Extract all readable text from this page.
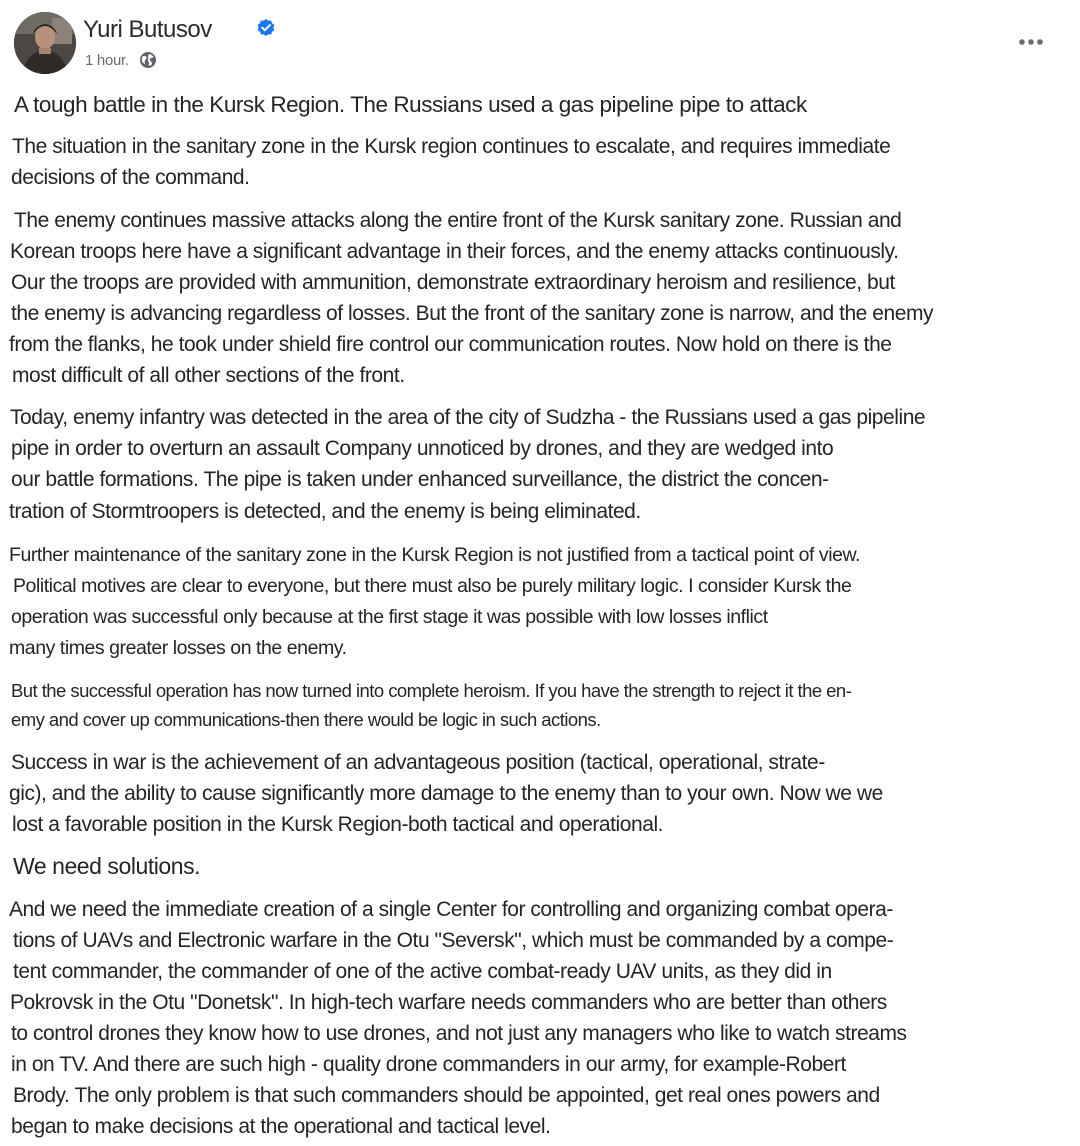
Yuri Butusov
1 hour.
A tough battle in the Kursk Region. The Russians used a gas pipeline pipe to attack
The situation in the sanitary zone in the Kursk region continues to escalate, and requires immediate
decisions of the command.
The enemy continues massive attacks along the entire front of the Kursk sanitary zone. Russian and
Korean troops here have a significant advantage in their forces, and the enemy attacks continuously.
Our the troops are provided with ammunition, demonstrate extraordinary heroism and resilience, but
the enemy is advancing regardless of losses. But the front of the sanitary zone is narrow, and the enemy
from the flanks, he took under shield fire control our communication routes. Now hold on there is the
most difficult of all other sections of the front.
Today, enemy infantry was detected in the area of the city of Sudzha - the Russians used a gas pipeline
pipe in order to overturn an assault Company unnoticed by drones, and they are wedged into
our battle formations. The pipe is taken under enhanced surveillance, the district the concen-
tration of Stormtroopers is detected, and the enemy is being eliminated.
Further maintenance of the sanitary zone in the Kursk Region is not justified from a tactical point of view.
Political motives are clear to everyone, but there must also be purely military logic. I consider Kursk the
operation was successful only because at the first stage it was possible with low losses inflict
many times greater losses on the enemy.
But the successful operation has now turned into complete heroism. If you have the strength to reject it the en-
emy and cover up communications-then there would be logic in such actions.
Success in war is the achievement of an advantageous position (tactical, operational, strate-
gic), and the ability to cause significantly more damage to the enemy than to your own. Now we we
lost a favorable position in the Kursk Region-both tactical and operational.
We need solutions.
And we need the immediate creation of a single Center for controlling and organizing combat opera-
tions of UAVs and Electronic warfare in the Otu "Seversk", which must be commanded by a compe-
tent commander, the commander of one of the active combat-ready UAV units, as they did in
Pokrovsk in the Otu "Donetsk". In high-tech warfare needs commanders who are better than others
to control drones they know how to use drones, and not just any managers who like to watch streams
in on TV. And there are such high - quality drone commanders in our army, for example-Robert
Brody. The only problem is that such commanders should be appointed, get real ones powers and
began to make decisions at the operational and tactical level.
